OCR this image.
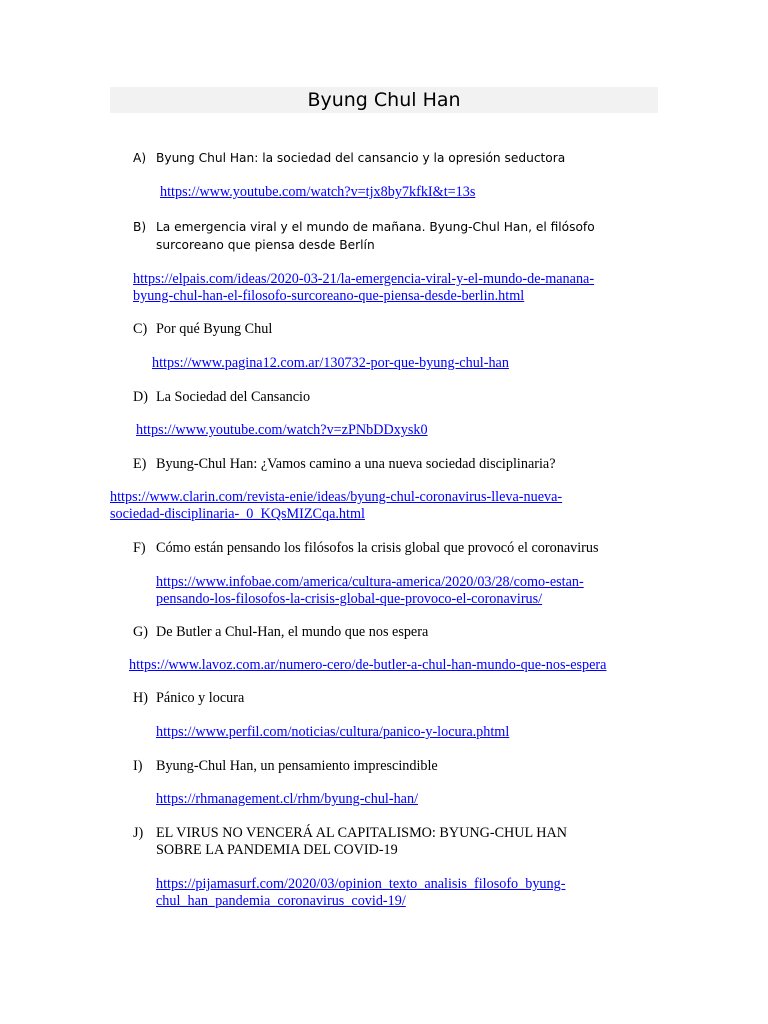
Byung Chul Han
A) Byung Chul Han: la sociedad del cansancio y la opresión seductora
https://www.youtube.com/watch?v=tjx8by7kfkI&t=13s
B) La emergencia viral y el mundo de mañana. Byung-Chul Han, el filósofo
surcoreano que piensa desde Berlín
https://elpais.com/ideas/2020-03-21/la-emergencia-viral-y-el-mundo-de-manana-
byung-chul-han-el-filosofo-surcoreano-que-piensa-desde-berlin.html
C) Por qué Byung Chul
https://www.pagina12.com.ar/130732-por-que-byung-chul-han
D) La Sociedad del Cansancio
https://www.youtube.com/watch?v=zPNbDDxysk0
E) Byung-Chul Han: ¿Vamos camino a una nueva sociedad disciplinaria?
https://www.clarin.com/revista-enie/ideas/byung-chul-coronavirus-lleva-nueva-
sociedad-disciplinaria-_0_KQsMIZCqa.html
F) Cómo están pensando los filósofos la crisis global que provocó el coronavirus
https://www.infobae.com/america/cultura-america/2020/03/28/como-estan-
pensando-los-filosofos-la-crisis-global-que-provoco-el-coronavirus/
G) De Butler a Chul-Han, el mundo que nos espera
https://www.lavoz.com.ar/numero-cero/de-butler-a-chul-han-mundo-que-nos-espera
H) Pánico y locura
https://www.perfil.com/noticias/cultura/panico-y-locura.phtml
I) Byung-Chul Han, un pensamiento imprescindible
https://rhmanagement.cl/rhm/byung-chul-han/
J) EL VIRUS NO VENCERÁ AL CAPITALISMO: BYUNG-CHUL HAN
SOBRE LA PANDEMIA DEL COVID-19
https://pijamasurf.com/2020/03/opinion_texto_analisis_filosofo_byung-
chul_han_pandemia_coronavirus_covid-19/
